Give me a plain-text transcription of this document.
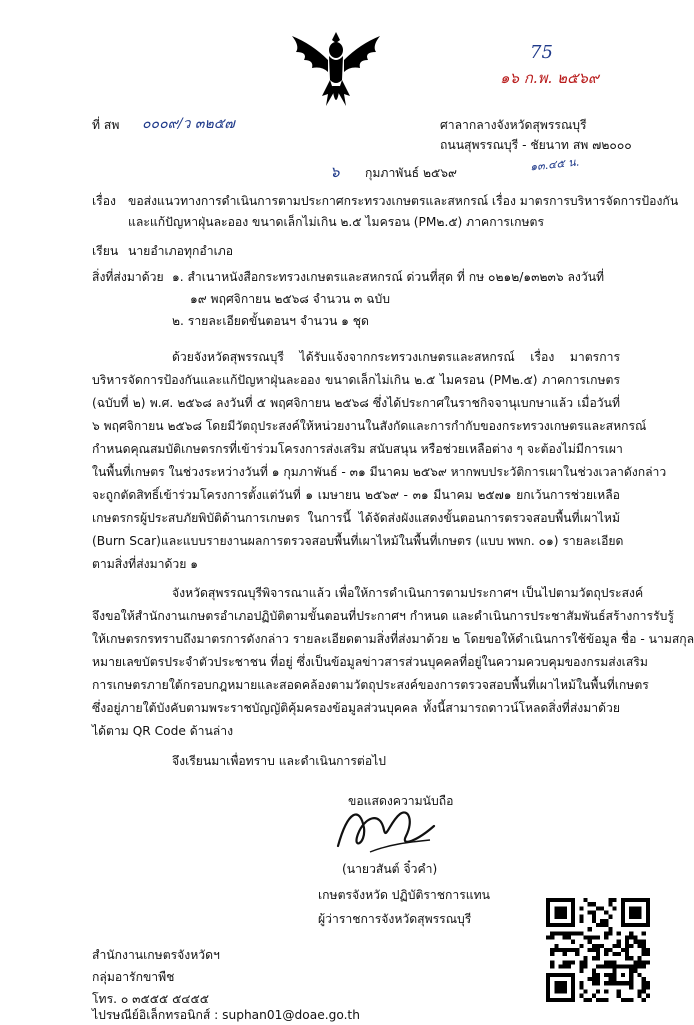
75
๑๖ ก.พ. ๒๕๖๙
ที่ สพ ๐๐๐๙/ว ๓๒๕๗	ศาลากลางจังหวัดสุพรรณบุรี
ถนนสุพรรณบุรี - ชัยนาท สพ ๗๒๐๐๐
๑๓.๔๕ น.
๖ กุมภาพันธ์ ๒๕๖๙
เรื่อง ขอส่งแนวทางการดำเนินการตามประกาศกระทรวงเกษตรและสหกรณ์ เรื่อง มาตรการบริหารจัดการป้องกัน
และแก้ปัญหาฝุ่นละออง ขนาดเล็กไม่เกิน ๒.๕ ไมครอน (PM๒.๕) ภาคการเกษตร
เรียน นายอำเภอทุกอำเภอ
สิ่งที่ส่งมาด้วย ๑. สำเนาหนังสือกระทรวงเกษตรและสหกรณ์ ด่วนที่สุด ที่ กษ ๐๒๑๒/๑๓๒๓๖ ลงวันที่
๑๙ พฤศจิกายน ๒๕๖๘ จำนวน ๓ ฉบับ
๒. รายละเอียดขั้นตอนฯ จำนวน ๑ ชุด
ด้วยจังหวัดสุพรรณบุรี ได้รับแจ้งจากกระทรวงเกษตรและสหกรณ์ เรื่อง มาตรการ
บริหารจัดการป้องกันและแก้ปัญหาฝุ่นละออง ขนาดเล็กไม่เกิน ๒.๕ ไมครอน (PM๒.๕) ภาคการเกษตร
(ฉบับที่ ๒) พ.ศ. ๒๕๖๘ ลงวันที่ ๕ พฤศจิกายน ๒๕๖๘ ซึ่งได้ประกาศในราชกิจจานุเบกษาแล้ว เมื่อวันที่
๖ พฤศจิกายน ๒๕๖๘ โดยมีวัตถุประสงค์ให้หน่วยงานในสังกัดและการกำกับของกระทรวงเกษตรและสหกรณ์
กำหนดคุณสมบัติเกษตรกรที่เข้าร่วมโครงการส่งเสริม สนับสนุน หรือช่วยเหลือต่าง ๆ จะต้องไม่มีการเผา
ในพื้นที่เกษตร ในช่วงระหว่างวันที่ ๑ กุมภาพันธ์ - ๓๑ มีนาคม ๒๕๖๙ หากพบประวัติการเผาในช่วงเวลาดังกล่าว
จะถูกตัดสิทธิ์เข้าร่วมโครงการตั้งแต่วันที่ ๑ เมษายน ๒๕๖๙ - ๓๑ มีนาคม ๒๕๗๑ ยกเว้นการช่วยเหลือ
เกษตรกรผู้ประสบภัยพิบัติด้านการเกษตร ในการนี้ ได้จัดส่งผังแสดงขั้นตอนการตรวจสอบพื้นที่เผาไหม้
(Burn Scar)และแบบรายงานผลการตรวจสอบพื้นที่เผาไหม้ในพื้นที่เกษตร (แบบ พพก. ๐๑) รายละเอียด
ตามสิ่งที่ส่งมาด้วย ๑
จังหวัดสุพรรณบุรีพิจารณาแล้ว เพื่อให้การดำเนินการตามประกาศฯ เป็นไปตามวัตถุประสงค์
จึงขอให้สำนักงานเกษตรอำเภอปฏิบัติตามขั้นตอนที่ประกาศฯ กำหนด และดำเนินการประชาสัมพันธ์สร้างการรับรู้
ให้เกษตรกรทราบถึงมาตรการดังกล่าว รายละเอียดตามสิ่งที่ส่งมาด้วย ๒ โดยขอให้ดำเนินการใช้ข้อมูล ชื่อ - นามสกุล
หมายเลขบัตรประจำตัวประชาชน ที่อยู่ ซึ่งเป็นข้อมูลข่าวสารส่วนบุคคลที่อยู่ในความควบคุมของกรมส่งเสริม
การเกษตรภายใต้กรอบกฎหมายและสอดคล้องตามวัตถุประสงค์ของการตรวจสอบพื้นที่เผาไหม้ในพื้นที่เกษตร
ซึ่งอยู่ภายใต้บังคับตามพระราชบัญญัติคุ้มครองข้อมูลส่วนบุคคล ทั้งนี้สามารถดาวน์โหลดสิ่งที่ส่งมาด้วย
ได้ตาม QR Code ด้านล่าง
จึงเรียนมาเพื่อทราบ และดำเนินการต่อไป
ขอแสดงความนับถือ
(นายวสันต์ จิ๋วคำ)
เกษตรจังหวัด ปฏิบัติราชการแทน
ผู้ว่าราชการจังหวัดสุพรรณบุรี
สำนักงานเกษตรจังหวัดฯ
กลุ่มอารักขาพืช
โทร. ๐ ๓๕๕๕ ๕๔๕๕
ไปรษณีย์อิเล็กทรอนิกส์ : suphan01@doae.go.th
